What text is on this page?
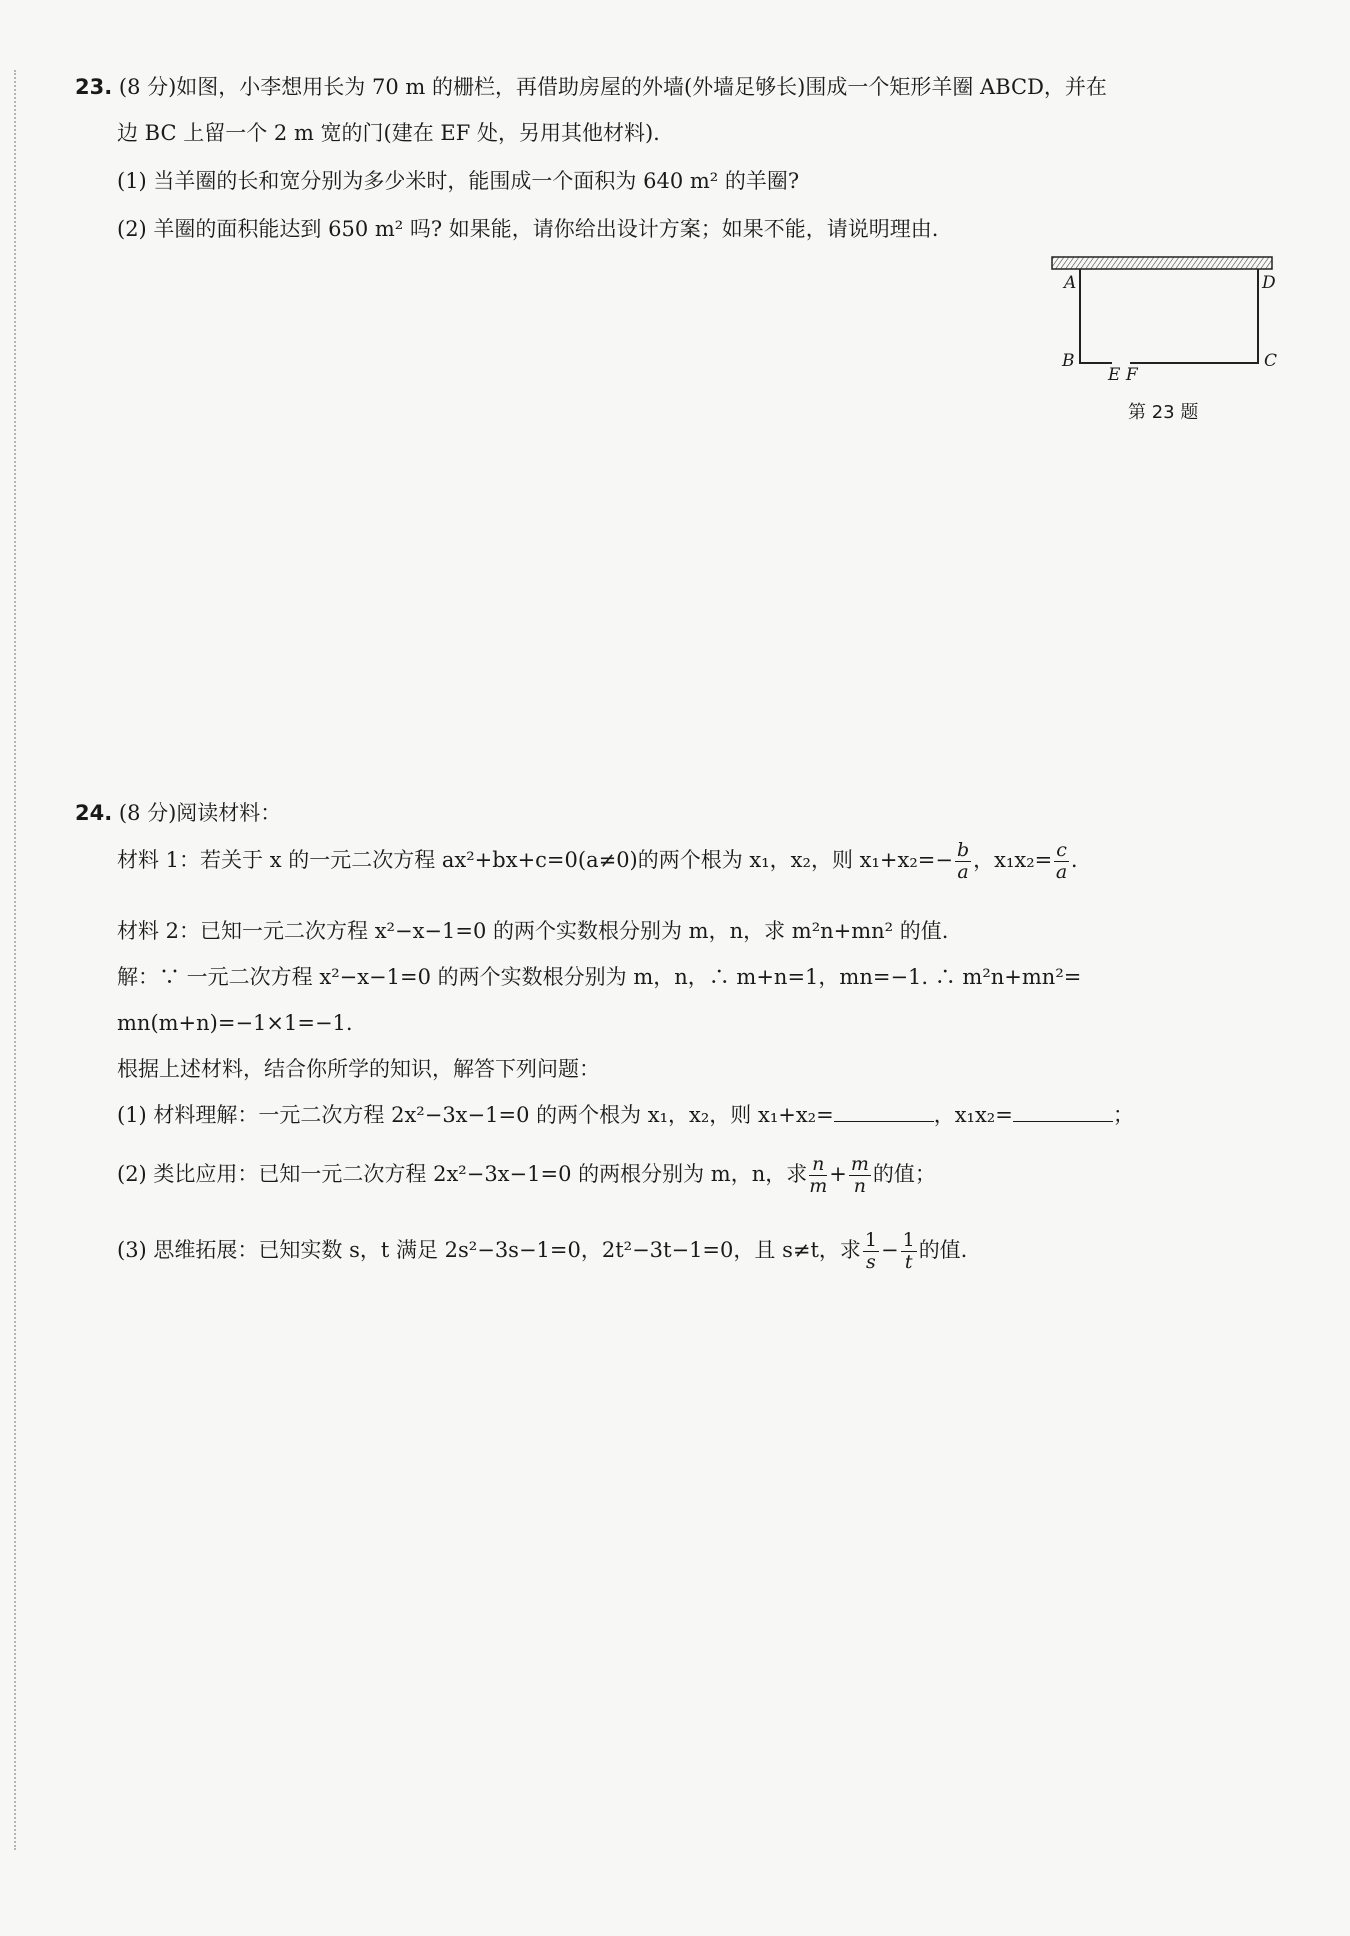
23. (8 分)如图，小李想用长为 70 m 的栅栏，再借助房屋的外墙(外墙足够长)围成一个矩形羊圈 ABCD，并在
边 BC 上留一个 2 m 宽的门(建在 EF 处，另用其他材料).
(1) 当羊圈的长和宽分别为多少米时，能围成一个面积为 640 m² 的羊圈?
(2) 羊圈的面积能达到 650 m² 吗? 如果能，请你给出设计方案；如果不能，请说明理由.
A	D
B	C
E F
第 23 题
24. (8 分)阅读材料：
材料 1：若关于 x 的一元二次方程 ax²+bx+c=0(a≠0)的两个根为 x₁，x₂，则 $x_1+x_2=- \frac{b}{a}$ ，$x_1x_2= \frac{c}{a}$ .
材料 2：已知一元二次方程 x²−x−1=0 的两个实数根分别为 m，n，求 m²n+mn² 的值.
解：∵ 一元二次方程 x²−x−1=0 的两个实数根分别为 m，n，∴ m+n=1，mn=−1. ∴ m²n+mn²=
mn(m+n)=−1×1=−1.
根据上述材料，结合你所学的知识，解答下列问题：
(1) 材料理解：一元二次方程 2x²−3x−1=0 的两个根为 x₁，x₂，则 x₁+x₂=	，x₁x₂=	；
(2) 类比应用：已知一元二次方程 2x²−3x−1=0 的两根分别为 m，n，求 $\frac{n}{m} + \frac{m}{n}$ 的值；
(3) 思维拓展：已知实数 s，t 满足 2s²−3s−1=0，2t²−3t−1=0，且 s≠t，求 $\frac{1}{s} - \frac{1}{t}$ 的值.
